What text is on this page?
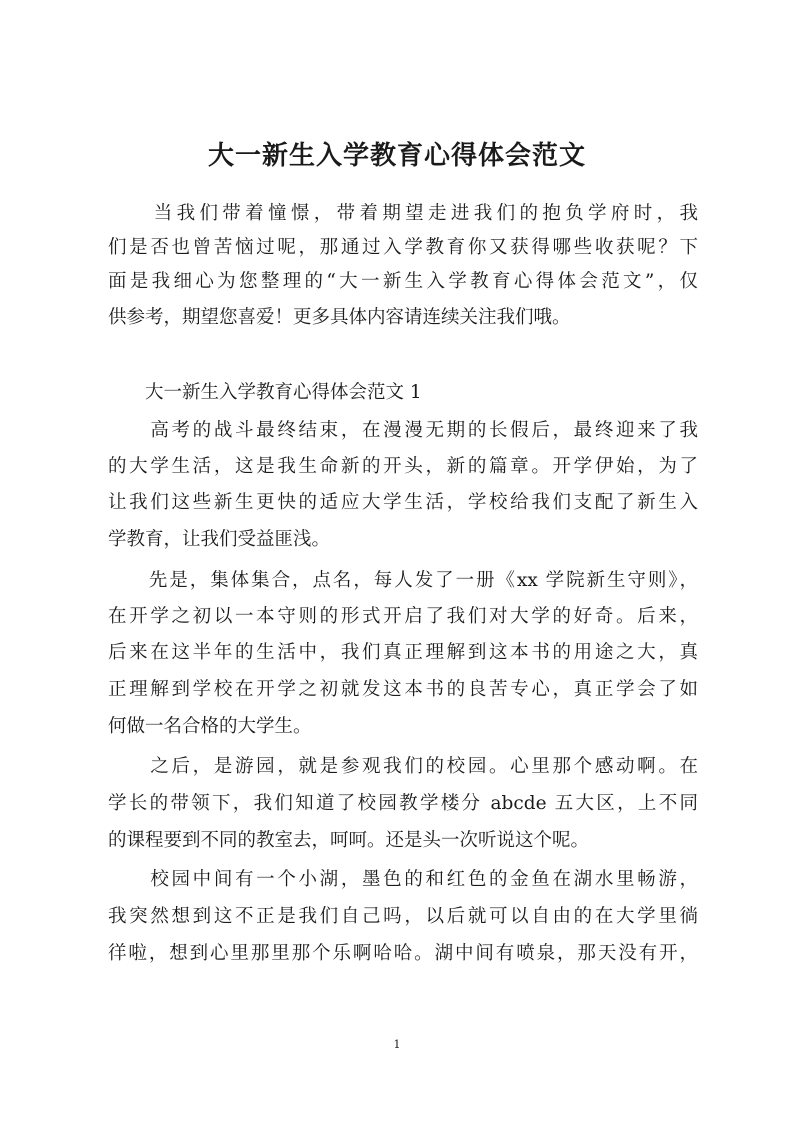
大一新生入学教育心得体会范文
　　当我们带着憧憬，带着期望走进我们的抱负学府时，我
们是否也曾苦恼过呢，那通过入学教育你又获得哪些收获呢？下
面是我细心为您整理的“大一新生入学教育心得体会范文”，仅
供参考，期望您喜爱！更多具体内容请连续关注我们哦。
　　大一新生入学教育心得体会范文 1
　　高考的战斗最终结束，在漫漫无期的长假后，最终迎来了我
的大学生活，这是我生命新的开头，新的篇章。开学伊始，为了
让我们这些新生更快的适应大学生活，学校给我们支配了新生入
学教育，让我们受益匪浅。
　　先是，集体集合，点名，每人发了一册《xx 学院新生守则》，
在开学之初以一本守则的形式开启了我们对大学的好奇。后来，
后来在这半年的生活中，我们真正理解到这本书的用途之大，真
正理解到学校在开学之初就发这本书的良苦专心，真正学会了如
何做一名合格的大学生。
　　之后，是游园，就是参观我们的校园。心里那个感动啊。在
学长的带领下，我们知道了校园教学楼分 abcde 五大区，上不同
的课程要到不同的教室去，呵呵。还是头一次听说这个呢。
　　校园中间有一个小湖，墨色的和红色的金鱼在湖水里畅游，
我突然想到这不正是我们自己吗，以后就可以自由的在大学里徜
徉啦，想到心里那里那个乐啊哈哈。湖中间有喷泉，那天没有开，
1
